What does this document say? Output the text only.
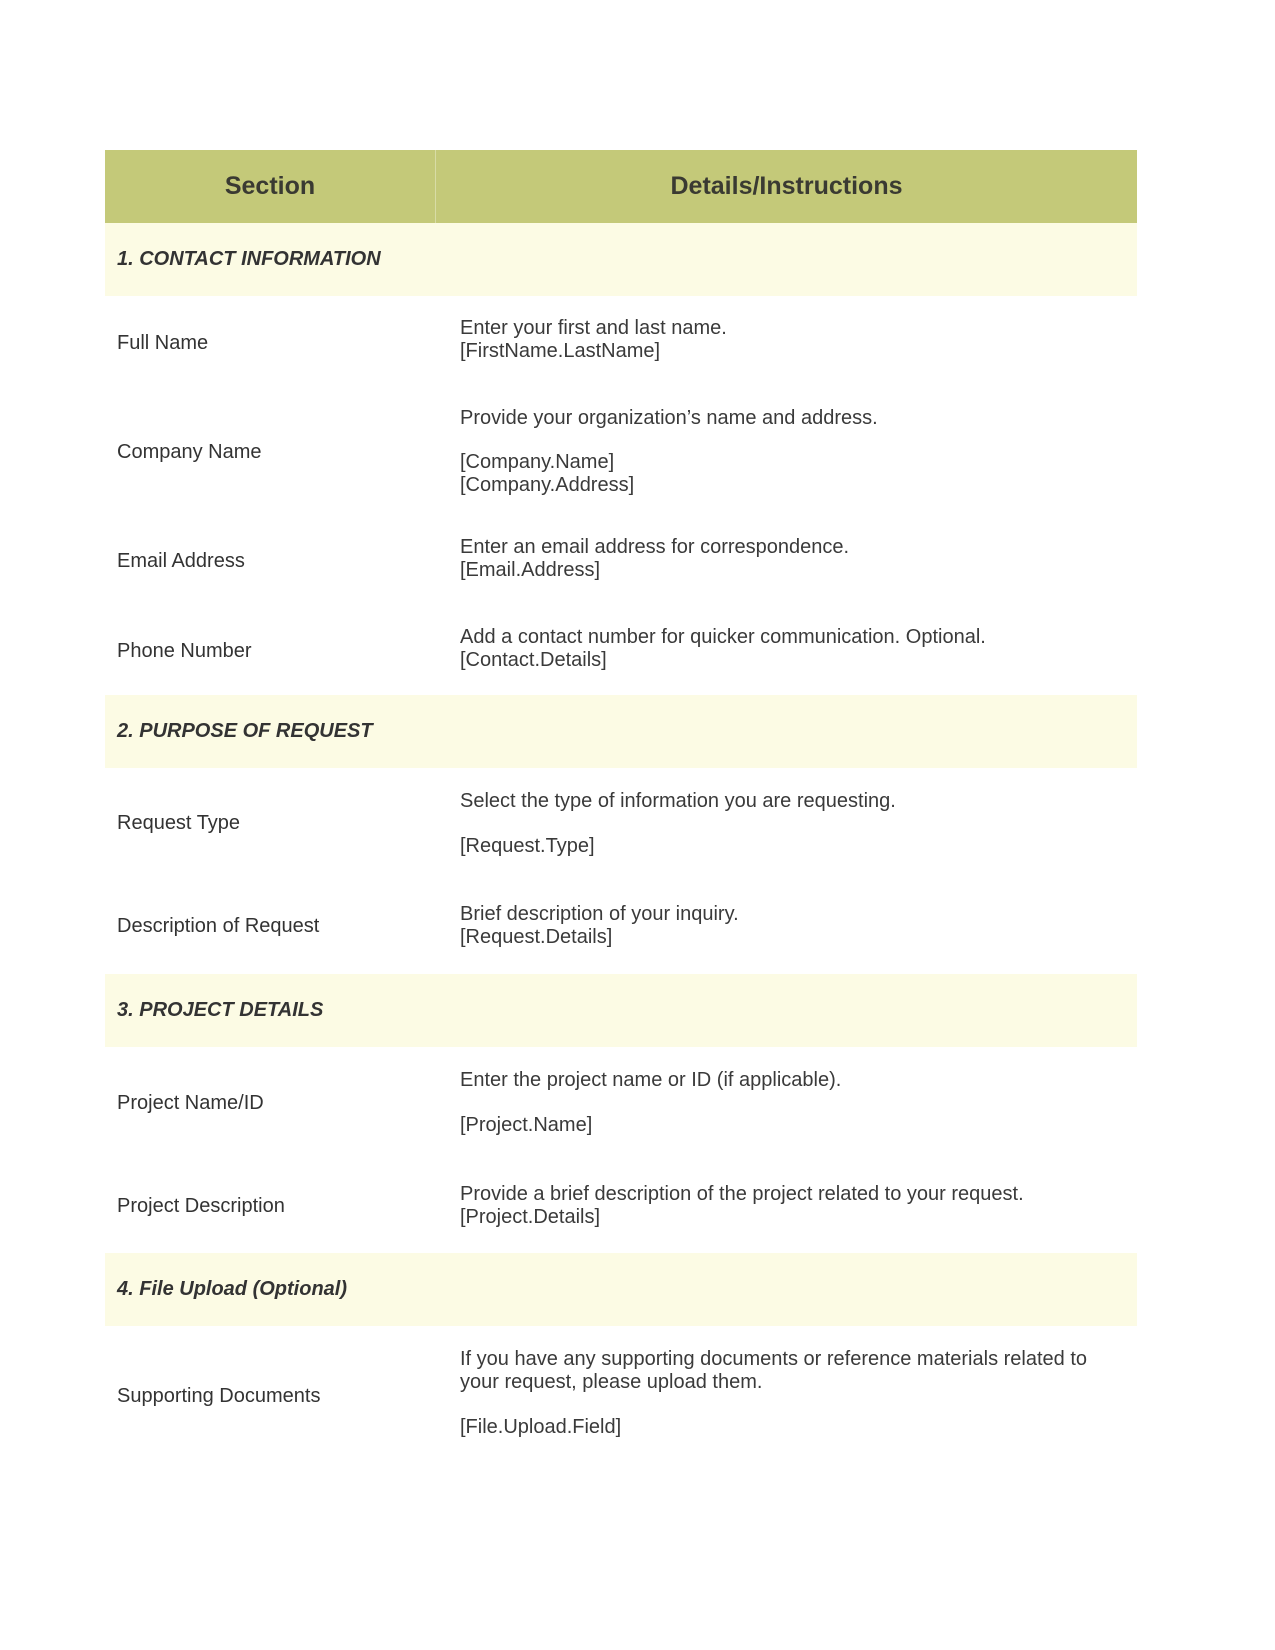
Section	Details/Instructions
1. CONTACT INFORMATION
Full Name
Enter your first and last name.
[FirstName.LastName]
Company Name
Provide your organization’s name and address.
[Company.Name]
[Company.Address]
Email Address
Enter an email address for correspondence.
[Email.Address]
Phone Number
Add a contact number for quicker communication. Optional.
[Contact.Details]
2. PURPOSE OF REQUEST
Request Type
Select the type of information you are requesting.
[Request.Type]
Description of Request
Brief description of your inquiry.
[Request.Details]
3. PROJECT DETAILS
Project Name/ID
Enter the project name or ID (if applicable).
[Project.Name]
Project Description
Provide a brief description of the project related to your request.
[Project.Details]
4. File Upload (Optional)
Supporting Documents
If you have any supporting documents or reference materials related to your request, please upload them.
[File.Upload.Field]
